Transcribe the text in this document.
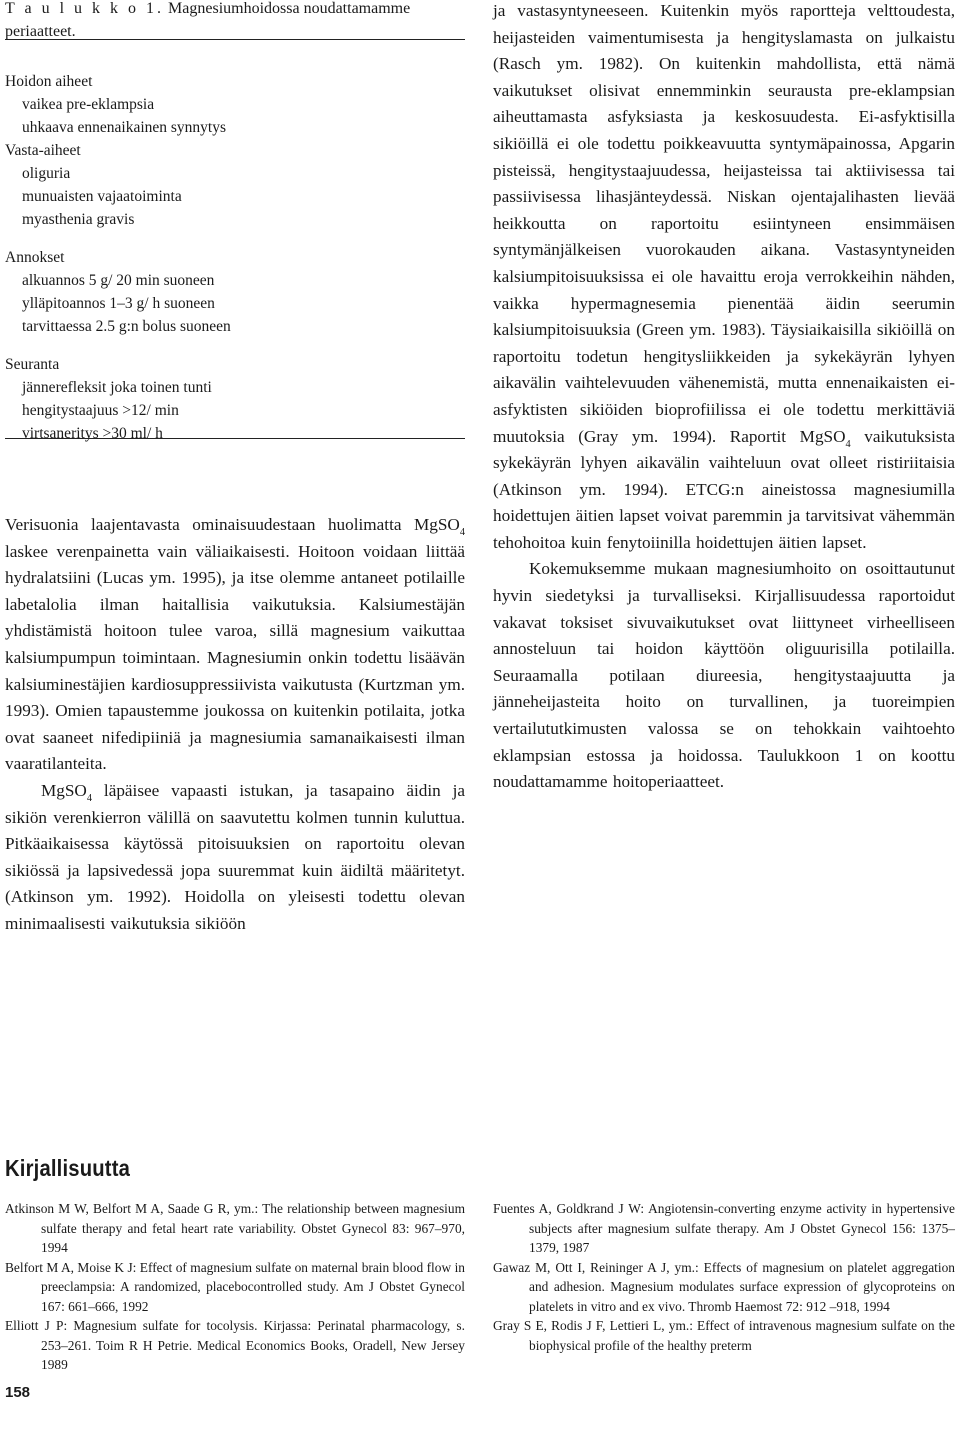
T a u l u k k o 1. Magnesiumhoidossa noudattamamme
periaatteet.
Hoidon aiheet
vaikea pre-eklampsia
uhkaava ennenaikainen synnytys
Vasta-aiheet
oliguria
munuaisten vajaatoiminta
myasthenia gravis
Annokset
alkuannos 5 g/ 20 min suoneen
ylläpitoannos 1–3 g/ h suoneen
tarvittaessa 2.5 g:n bolus suoneen
Seuranta
jännerefleksit joka toinen tunti
hengitystaajuus >12/ min
virtsaneritys >30 ml/ h

Verisuonia laajentavasta ominaisuudestaan huolimatta MgSO$_4$ laskee verenpainetta vain väliaikaisesti. Hoitoon voidaan liittää hydralatsiini (Lucas ym. 1995), ja itse olemme antaneet potilaille labetalolia ilman haitallisia vaikutuksia. Kalsiumestäjän yhdistämistä hoitoon tulee varoa, sillä magnesium vaikuttaa kalsiumpumpun toimintaan. Magnesiumin onkin todettu lisäävän kalsiuminestäjien kardiosuppressiivista vaikutusta (Kurtzman ym. 1993). Omien tapaustemme joukossa on kuitenkin potilaita, jotka ovat saaneet nifedipiiniä ja magnesiumia samanaikaisesti ilman vaaratilanteita.

MgSO$_4$ läpäisee vapaasti istukan, ja tasapaino äidin ja sikiön verenkierron välillä on saavutettu kolmen tunnin kuluttua. Pitkäaikaisessa käytössä pitoisuuksien on raportoitu olevan sikiössä ja lapsivedessä jopa suuremmat kuin äidiltä määritetyt. (Atkinson ym. 1992). Hoidolla on yleisesti todettu olevan minimaalisesti vaikutuksia sikiöön

ja vastasyntyneeseen. Kuitenkin myös raportteja velttoudesta, heijasteiden vaimentumisesta ja hengityslamasta on julkaistu (Rasch ym. 1982). On kuitenkin mahdollista, että nämä vaikutukset olisivat ennemminkin seurausta pre-eklampsian aiheuttamasta asfyksiasta ja keskosuudesta. Ei-asfyktisilla sikiöillä ei ole todettu poikkeavuutta syntymäpainossa, Apgarin pisteissä, hengitystaajuudessa, heijasteissa tai aktiivisessa tai passiivisessa lihasjänteydessä. Niskan ojentajalihasten lievää heikkoutta on raportoitu esiintyneen ensimmäisen syntymänjälkeisen vuorokauden aikana. Vastasyntyneiden kalsiumpitoisuuksissa ei ole havaittu eroja verrokkeihin nähden, vaikka hypermagnesemia pienentää äidin seerumin kalsiumpitoisuuksia (Green ym. 1983). Täysiaikaisilla sikiöillä on raportoitu todetun hengitysliikkeiden ja sykekäyrän lyhyen aikavälin vaihtelevuuden vähenemistä, mutta ennenaikaisten ei-asfyktisten sikiöiden bioprofiilissa ei ole todettu merkittäviä muutoksia (Gray ym. 1994). Raportit MgSO$_4$ vaikutuksista sykekäyrän lyhyen aikavälin vaihteluun ovat olleet ristiriitaisia (Atkinson ym. 1994). ETCG:n aineistossa magnesiumilla hoidettujen äitien lapset voivat paremmin ja tarvitsivat vähemmän tehohoitoa kuin fenytoiinilla hoidettujen äitien lapset.

Kokemuksemme mukaan magnesiumhoito on osoittautunut hyvin siedetyksi ja turvalliseksi. Kirjallisuudessa raportoidut vakavat toksiset sivuvaikutukset ovat liittyneet virheelliseen annosteluun tai hoidon käyttöön oliguurisilla potilailla. Seuraamalla potilaan diureesia, hengitystaajuutta ja jänneheijasteita hoito on turvallinen, ja tuoreimpien vertailututkimusten valossa se on tehokkain vaihtoehto eklampsian estossa ja hoidossa. Taulukkoon 1 on koottu noudattamamme hoitoperiaatteet.

Kirjallisuutta

Atkinson M W, Belfort M A, Saade G R, ym.: The relationship between magnesium sulfate therapy and fetal heart rate variability. Obstet Gynecol 83: 967–970, 1994

Belfort M A, Moise K J: Effect of magnesium sulfate on maternal brain blood flow in preeclampsia: A randomized, placebocontrolled study. Am J Obstet Gynecol 167: 661–666, 1992

Elliott J P: Magnesium sulfate for tocolysis. Kirjassa: Perinatal pharmacology, s. 253–261. Toim R H Petrie. Medical Economics Books, Oradell, New Jersey 1989

Fuentes A, Goldkrand J W: Angiotensin-converting enzyme activity in hypertensive subjects after magnesium sulfate therapy. Am J Obstet Gynecol 156: 1375–1379, 1987

Gawaz M, Ott I, Reininger A J, ym.: Effects of magnesium on platelet aggregation and adhesion. Magnesium modulates surface expression of glycoproteins on platelets in vitro and ex vivo. Thromb Haemost 72: 912 –918, 1994

Gray S E, Rodis J F, Lettieri L, ym.: Effect of intravenous magnesium sulfate on the biophysical profile of the healthy preterm

158
